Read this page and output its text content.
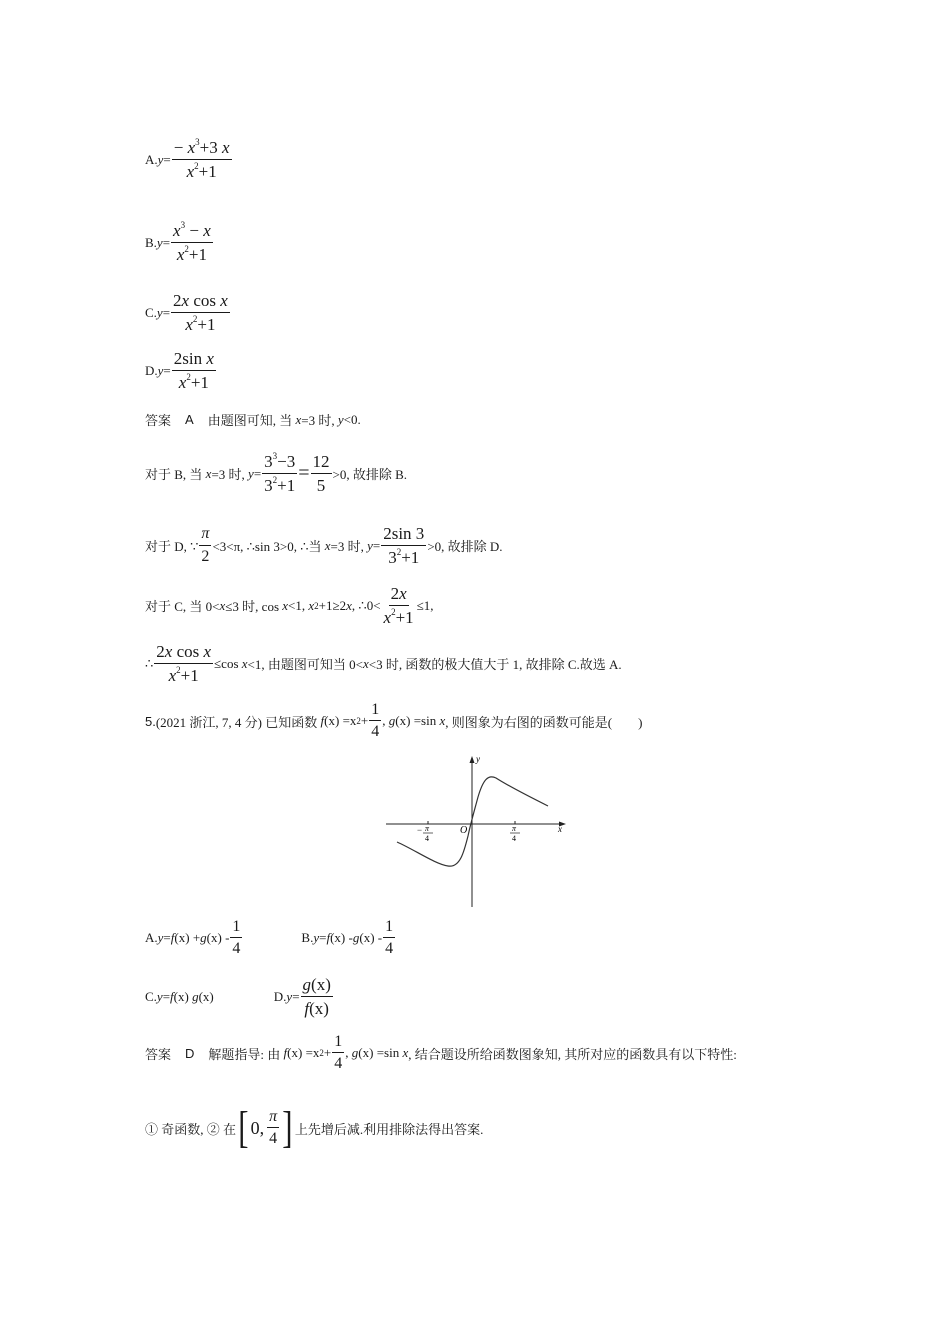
A. $y = \frac{- x^3+3 x}{x^2+1}$
B. $y = \frac{x^3 - x}{x^2+1}$
C. $y = \frac{\text{2x cos x}}{x^2+1}$
D. $y = \frac{\text{2sin x}}{x^2+1}$
答案 A 由题图可知, 当
x =3 时,
y <0.
对于 B, 当
x =3 时,
$y = \frac{3^3-3}{3^2+1} = \frac{12}{5} >0$, 故排除 B.
对于 D, ∵ $\frac{\pi}{2} <3<\pi$, ∴sin 3>0, ∴当
x =3 时,
$y = \frac{2\sin 3}{3^2+1} >0$, 故排除 D.
对于 C, 当 0< x ≤3 时, cos
x <1,
x 2 +1≥2 x , ∴0< $\frac{2x}{x^2+1} \le 1$,
∴ $\frac{\text{2x cos x}}{x^2+1} \le\cos$
x <1, 由题图可知当 0< x <3 时, 函数的极大值大于 1, 故排除 C.故选 A.
5. (2021 浙江, 7, 4 分)
已知函数
f (x)
=x $2 + \frac{1}{4}$ ,
g (x)
=sin
x , 则图象为右图的函数可能是(　　)
y
x
O
− π
4
π
4
A. y = f (x)
+ g (x)
- $\frac{1}{4}$	B. y = f (x)
- g (x)
- $\frac{1}{4}$
C. y = f (x)
g (x)	D. $y = \frac{g(x)}{f(x)}$
答案 D 解题指导: 由
f (x)
=x $2 + \frac{1}{4}$ ,
g (x)
=sin
x , 结合题设所给函数图象知, 其所对应的函数具有以下特性:
① 奇函数, ② 在 [ 0 , $\frac{\pi}{4}$ ] 上先增后减.利用排除法得出答案.
